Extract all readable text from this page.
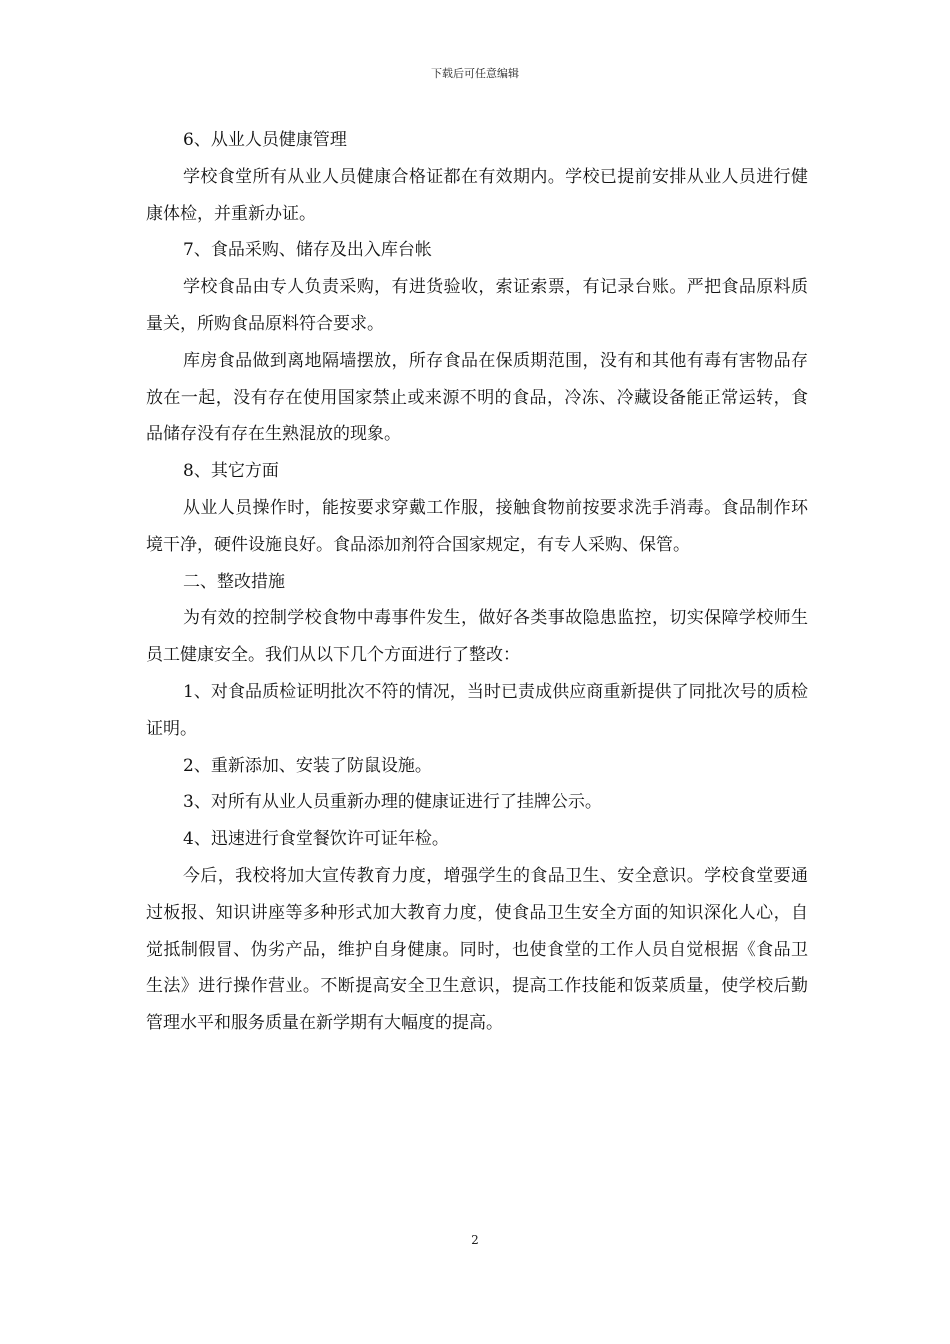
下载后可任意编辑

6、从业人员健康管理

学校食堂所有从业人员健康合格证都在有效期内。学校已提前安排从业人员进行健康体检，并重新办证。

7、食品采购、储存及出入库台帐

学校食品由专人负责采购，有进货验收，索证索票，有记录台账。严把食品原料质量关，所购食品原料符合要求。

库房食品做到离地隔墙摆放，所存食品在保质期范围，没有和其他有毒有害物品存放在一起，没有存在使用国家禁止或来源不明的食品，冷冻、冷藏设备能正常运转，食品储存没有存在生熟混放的现象。

8、其它方面

从业人员操作时，能按要求穿戴工作服，接触食物前按要求洗手消毒。食品制作环境干净，硬件设施良好。食品添加剂符合国家规定，有专人采购、保管。

二、整改措施

为有效的控制学校食物中毒事件发生，做好各类事故隐患监控，切实保障学校师生员工健康安全。我们从以下几个方面进行了整改：

1、对食品质检证明批次不符的情况，当时已责成供应商重新提供了同批次号的质检证明。

2、重新添加、安装了防鼠设施。

3、对所有从业人员重新办理的健康证进行了挂牌公示。

4、迅速进行食堂餐饮许可证年检。

今后，我校将加大宣传教育力度，增强学生的食品卫生、安全意识。学校食堂要通过板报、知识讲座等多种形式加大教育力度，使食品卫生安全方面的知识深化人心，自觉抵制假冒、伪劣产品，维护自身健康。同时，也使食堂的工作人员自觉根据《食品卫生法》进行操作营业。不断提高安全卫生意识，提高工作技能和饭菜质量，使学校后勤管理水平和服务质量在新学期有大幅度的提高。

2
